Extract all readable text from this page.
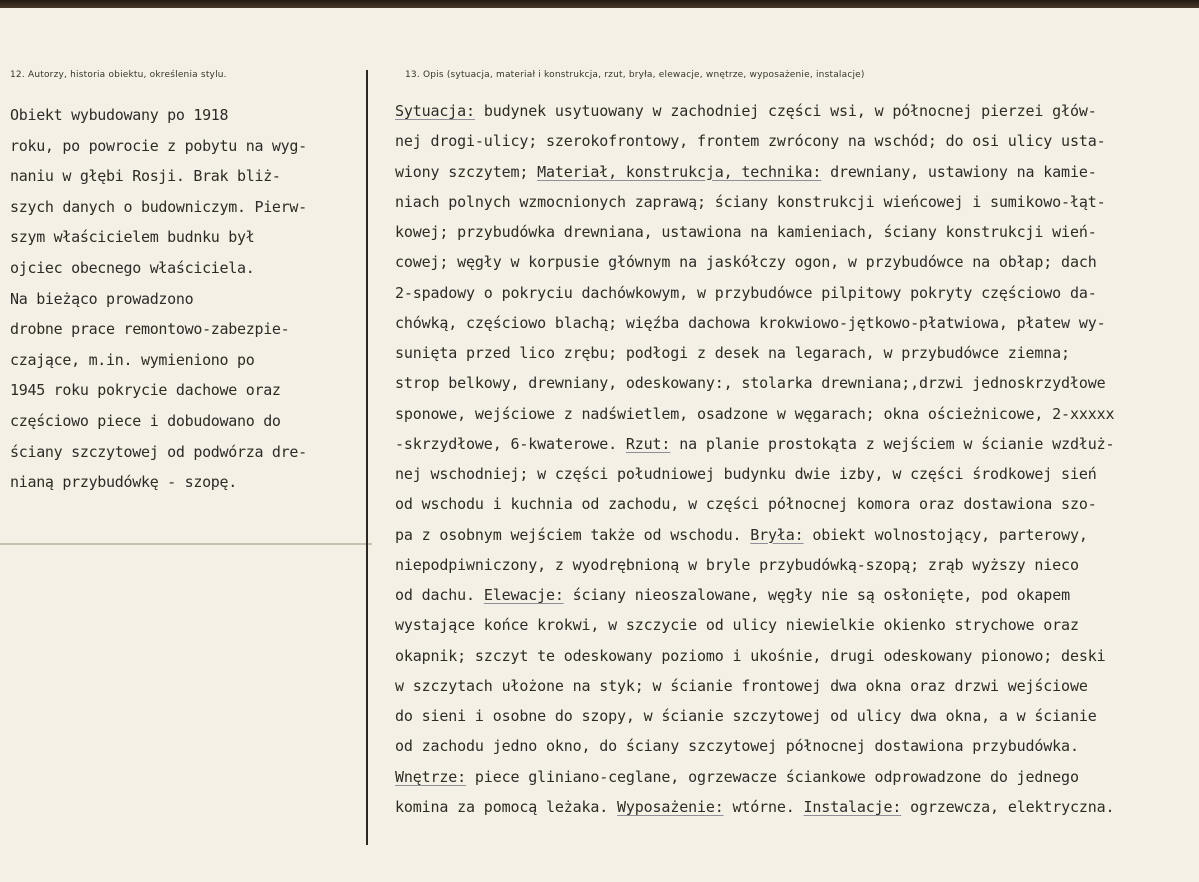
12. Autorzy, historia obiektu, określenia stylu.	13. Opis (sytuacja, materiał i konstrukcja, rzut, bryła, elewacje, wnętrze, wyposażenie, instalacje)
Obiekt wybudowany po 1918
roku, po powrocie z pobytu na wyg-
naniu w głębi Rosji. Brak bliż-
szych danych o budowniczym. Pierw-
szym właścicielem budnku był
ojciec obecnego właściciela.
Na bieżąco prowadzono
drobne prace remontowo-zabezpie-
czające, m.in. wymieniono po
1945 roku pokrycie dachowe oraz
częściowo piece i dobudowano do
ściany szczytowej od podwórza dre-
nianą przybudówkę - szopę.
Sytuacja: budynek usytuowany w zachodniej części wsi, w północnej pierzei głów-
nej drogi-ulicy; szerokofrontowy, frontem zwrócony na wschód; do osi ulicy usta-
wiony szczytem; Materiał, konstrukcja, technika: drewniany, ustawiony na kamie-
niach polnych wzmocnionych zaprawą; ściany konstrukcji wieńcowej i sumikowo-łąt-
kowej; przybudówka drewniana, ustawiona na kamieniach, ściany konstrukcji wień-
cowej; węgły w korpusie głównym na jaskółczy ogon, w przybudówce na obłap; dach
2-spadowy o pokryciu dachówkowym, w przybudówce pilpitowy pokryty częściowo da-
chówką, częściowo blachą; więźba dachowa krokwiowo-jętkowo-płatwiowa, płatew wy-
sunięta przed lico zrębu; podłogi z desek na legarach, w przybudówce ziemna;
strop belkowy, drewniany, odeskowany:, stolarka drewniana;,drzwi jednoskrzydłowe
sponowe, wejściowe z nadświetlem, osadzone w węgarach; okna ościeżnicowe, 2-xxxxx
-skrzydłowe, 6-kwaterowe. Rzut: na planie prostokąta z wejściem w ścianie wzdłuż-
nej wschodniej; w części południowej budynku dwie izby, w części środkowej sień
od wschodu i kuchnia od zachodu, w części północnej komora oraz dostawiona szo-
pa z osobnym wejściem także od wschodu. Bryła: obiekt wolnostojący, parterowy,
niepodpiwniczony, z wyodrębnioną w bryle przybudówką-szopą; zrąb wyższy nieco
od dachu. Elewacje: ściany nieoszalowane, węgły nie są osłonięte, pod okapem
wystające końce krokwi, w szczycie od ulicy niewielkie okienko strychowe oraz
okapnik; szczyt te odeskowany poziomo i ukośnie, drugi odeskowany pionowo; deski
w szczytach ułożone na styk; w ścianie frontowej dwa okna oraz drzwi wejściowe
do sieni i osobne do szopy, w ścianie szczytowej od ulicy dwa okna, a w ścianie
od zachodu jedno okno, do ściany szczytowej północnej dostawiona przybudówka.
Wnętrze: piece gliniano-ceglane, ogrzewacze ściankowe odprowadzone do jednego
komina za pomocą leżaka. Wyposażenie: wtórne. Instalacje: ogrzewcza, elektryczna.
